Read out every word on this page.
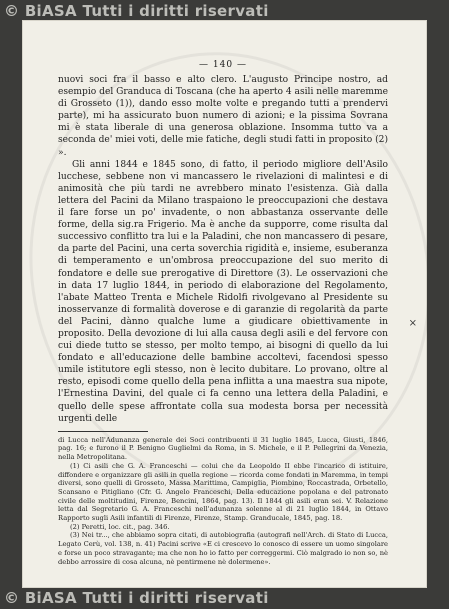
© BiASA Tutti i diritti riservati
— 140 —

nuovi soci fra il basso e alto clero. L'augusto Principe nostro, ad esempio del Granduca di Toscana (che ha aperto 4 asili nelle maremme di Grosseto (1)), dando esso molte volte e pregando tutti a prendervi parte), mi ha assicurato buon numero di azioni; e la pissima Sovrana mi è stata liberale di una generosa oblazione. Insomma tutto va a seconda de' miei voti, delle mie fatiche, degli studi fatti in proposito (2) ».

Gli anni 1844 e 1845 sono, di fatto, il periodo migliore dell'Asilo lucchese, sebbene non vi mancassero le rivelazioni di malintesi e di animosità che più tardi ne avrebbero minato l'esistenza. Già dalla lettera del Pacini da Milano traspaiono le preoccupazioni che destava il fare forse un po' invadente, o non abbastanza osservante delle forme, della sig.ra Frigerio. Ma è anche da supporre, come risulta dal successivo conflitto tra lui e la Paladini, che non mancassero di pesare, da parte del Pacini, una certa soverchia rigidità e, insieme, esuberanza di temperamento e un'ombrosa preoccupazione del suo merito di fondatore e delle sue prerogative di Direttore (3). Le osservazioni che in data 17 luglio 1844, in periodo di elaborazione del Regolamento, l'abate Matteo Trenta e Michele Ridolfi rivolgevano al Presidente su inosservanze di formalità doverose e di garanzie di regolarità da parte del Pacini, dànno qualche lume a giudicare obiettivamente in proposito. Della devozione di lui alla causa degli asili e del fervore con cui diede tutto se stesso, per molto tempo, ai bisogni di quello da lui fondato e all'educazione delle bambine accoltevi, facendosi spesso umile istitutore egli stesso, non è lecito dubitare. Lo provano, oltre al resto, episodi come quello della pena inflitta a una maestra sua nipote, l'Ernestina Davini, del quale ci fa cenno una lettera della Paladini, e quello delle spese affrontate colla sua modesta borsa per necessità urgenti delle

di Lucca nell'Adunanza generale dei Soci contribuenti il 31 luglio 1845, Lucca, Giusti, 1846, pag. 16; e furono il P. Benigno Guglielmi da Roma, in S. Michele, e il P. Pellegrini da Venezia, nella Metropolitana.

(1) Ci asili che G. A. Franceschi — colui che da Leopoldo II ebbe l'incarico di istituire, diffondere e organizzare gli asili in quella regione — ricorda come fondati in Maremma, in tempi diversi, sono quelli di Grosseto, Massa Marittima, Campiglia, Piombino, Roccastrada, Orbetello, Scansano e Pitigliano (Cfr. G. Angelo Franceschi, Della educazione popolana e del patronato civile delle moltitudini, Firenze, Bencini, 1864, pag. 13). Il 1844 gli asili eran sei. V. Relazione letta dal Segretario G. A. Franceschi nell'adunanza solenne al di 21 luglio 1844, in Ottavo Rapporto sugli Asili infantili di Firenze, Firenze, Stamp. Granducale, 1845, pag. 18.

(2) Peretti, loc. cit., pag. 346.

(3) Nei tr..., che abbiamo sopra citati, di autobiografia (autografi nell'Arch. di Stato di Lucca, Legato Cerù, vol. 138, n. 41) Pacini scrive «E ci crescevo lo conosco di essere un uomo singolare e forse un poco stravagante; ma che non ho io fatto per correggermi. Ciò malgrado io non so, nè debbo arrossire di cosa alcuna, nè pentirmene nè dolermene».

×
© BiASA Tutti i diritti riservati
